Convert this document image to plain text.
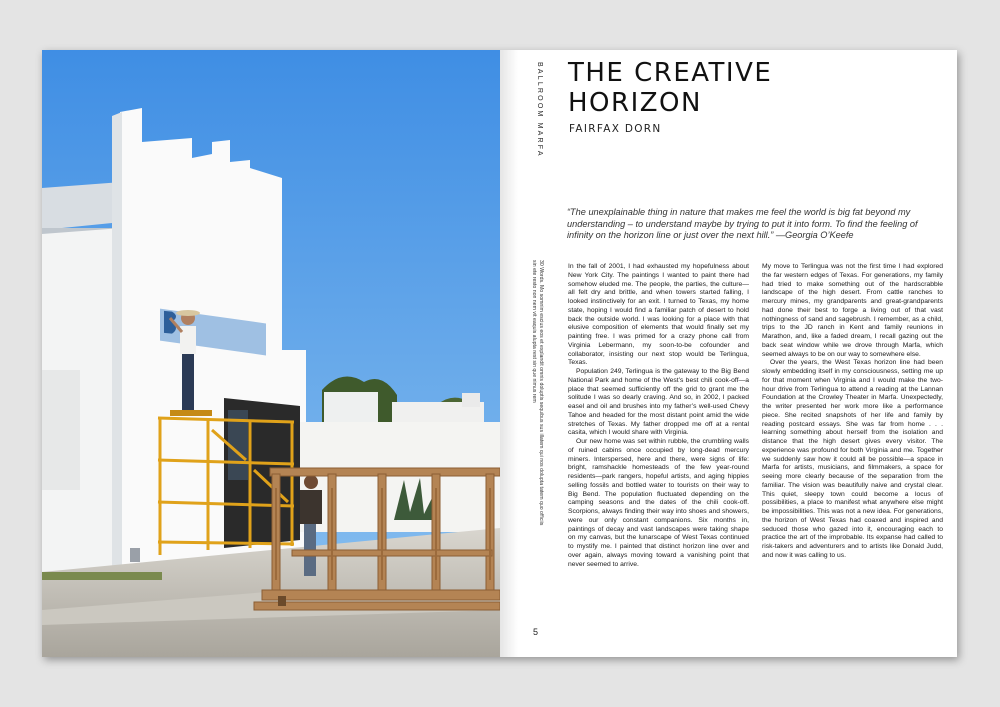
BALLROOM MARFA
30 Words. Mo somnim escius eos et explandit omnis doluptis sequibus sus illatem qui nos dolupta tatem quo officiis sin ete resto non nem vit eaquis alupta rest sin que nimus rem
THE CREATIVE
HORIZON
FAIRFAX DORN
“The unexplainable thing in nature that makes me feel the world is big fat beyond my understanding – to understand maybe by trying to put it into form. To find the feeling of infinity on the horizon line or just over the next hill.” —Georgia O’Keefe

In the fall of 2001, I had exhausted my hopefulness about New York City. The paintings I wanted to paint there had somehow eluded me. The people, the parties, the culture—all felt dry and brittle, and when towers started falling, I looked instinctively for an exit. I turned to Texas, my home state, hoping I would find a familiar patch of desert to hold back the outside world. I was looking for a place with that elusive composition of elements that would finally set my painting free. I was primed for a crazy phone call from Virginia Lebermann, my soon-to-be cofounder and collaborator, insisting our next stop would be Terlingua, Texas.

Population 249, Terlingua is the gateway to the Big Bend National Park and home of the West’s best chili cook-off—a place that seemed sufficiently off the grid to grant me the solitude I was so dearly craving. And so, in 2002, I packed easel and oil and brushes into my father’s well-used Chevy Tahoe and headed for the most distant point amid the wide stretches of Texas. My father dropped me off at a rental casita, which I would share with Virginia.

Our new home was set within rubble, the crumbling walls of ruined cabins once occupied by long-dead mercury miners. Interspersed, here and there, were signs of life: bright, ramshackle homesteads of the few year-round residents—park rangers, hopeful artists, and aging hippies selling fossils and bottled water to tourists on their way to Big Bend. The population fluctuated depending on the camping seasons and the dates of the chili cook-off. Scorpions, always finding their way into shoes and showers, were our only constant companions. Six months in, paintings of decay and vast landscapes were taking shape on my canvas, but the lunarscape of West Texas continued to mystify me. I painted that distinct horizon line over and over again, always moving toward a vanishing point that never seemed to arrive.

My move to Terlingua was not the first time I had explored the far western edges of Texas. For generations, my family had tried to make something out of the hardscrabble landscape of the high desert. From cattle ranches to mercury mines, my grandparents and great-grandparents had done their best to forge a living out of that vast nothingness of sand and sagebrush. I remember, as a child, trips to the JD ranch in Kent and family reunions in Marathon, and, like a faded dream, I recall gazing out the back seat window while we drove through Marfa, which seemed always to be on our way to somewhere else.

Over the years, the West Texas horizon line had been slowly embedding itself in my consciousness, setting me up for that moment when Virginia and I would make the two-hour drive from Terlingua to attend a reading at the Lannan Foundation at the Crowley Theater in Marfa. Unexpectedly, the writer presented her work more like a performance piece. She recited snapshots of her life and family by reading postcard essays. She was far from home . . . learning something about herself from the isolation and distance that the high desert gives every visitor. The experience was profound for both Virginia and me. Together we suddenly saw how it could all be possible—a space in Marfa for artists, musicians, and filmmakers, a space for seeing more clearly because of the separation from the familiar. The vision was beautifully naive and crystal clear. This quiet, sleepy town could become a locus of possibilities, a place to manifest what anywhere else might be impossibilities. This was not a new idea. For generations, the horizon of West Texas had coaxed and inspired and seduced those who gazed into it, encouraging each to practice the art of the improbable. Its expanse had called to risk-takers and adventurers and to artists like Donald Judd, and now it was calling to us.

5
